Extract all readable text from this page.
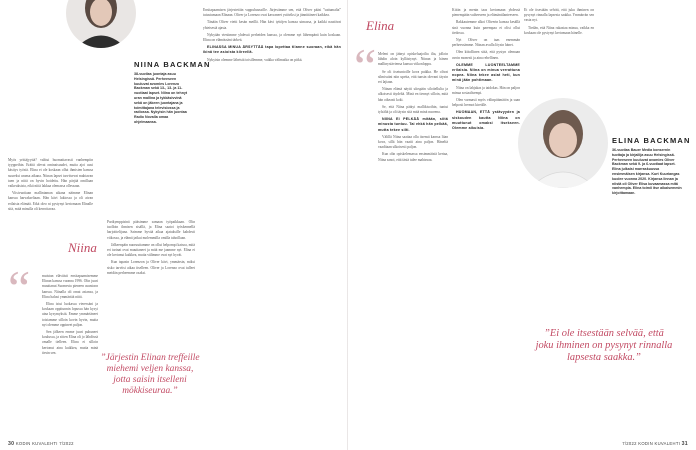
NIINA BACKMAN
38-vuotias juontaja asuu Helsingissä. Perheeseen kuuluvat avomies Lorenzo Backman sekä 13-, 13- ja 11-vuotiaat lapset. Niina on tehnyt uran mallina ja tykkäsivvinä sekä on jäkeen juontajana ja toimittajana televisiossa ja radiossa. Nykyisin hän juontaa Radio Novalla omaa ohjelmaansa.

Myös yrittäjyyttä? valttui huomattavasti vanhempiin tyyppeihin. Eräitä olevat ominaisuudet, mutta ajoi uusi käsitys työstä. Elina ei ole koskaan ollut ihmisten kanssa suureksi uransa aikana. Niinan lapset tarvitsevat mahtavan tuen ja niitä on hyvin hoidettu. Hän pärjää omillaan vaikeuksista, eikä niitä lakkaa olemassa ollessaan.

Viisivuotiaan mallintaman aikana näimme Elinan kanssa harvakseltaan. Hän kävi lukiossa ja oli aivan erilaista elämää. Etkä oleo ni pystynyt kertomaan Elinalle sitä, mitä minulla oli kerrottavaa.

Niina
“	muistan eläväisti ensitapaamisemme Elinan kanssa vuonna 1996. Olin juuri muuttanut Suomesta pieneen asuntoon kanssa. Niinalla oli omat asiansa, ja Elina halusi ymmärtää niitä.

Elina istui luokassa vieressäni ja koskaan oppitunnin lopussa hän kysyi aina kysymyksiä. Emme ymmärtäneet toisiamme silloin kovin hyvin, mutta nyt olemme oppineet paljon.

Sen jälkeen emme juuri puhuneet koulussa, ja sitten Elina oli jo lähdössä omalle tielleen. Elina ei silloin kertonut aina kaikkea, mutta minä tiesin sen.

Parikymppisinä pääsimme samaan työpaikkaan. Olin tuolloin ihmisen sisällä, ja Elina saatoi työskennellä harjoittelijana. Saimme hyvää aikaa ajatuksille kahdesti viikossa, ja elämä jatkui molemmilla omilla tahoillaan.

Jälkeenpäin nuoruuttamme on ollut helpompi katsoa, mitä eri tarinat ovat muuttaneet ja mitä me jaamme nyt. Elina ei ole kertonut kaikkea, mutta välimme ovat nyt hyvät.

Kun tapasin Lorenzon ja Oliver kävi, ymmärsin, miksi sisko tarvitsi aikaa itselleen. Oliver ja Lorenzo ovat tulleet meidän perheemme osaksi.

”Järjestin Elinan treffeille miehemi veljen kanssa, jotta saisin itselleni mökkiseuraa.”

Ensitapaamisen järjestettiin vappuhuussille. Järjestimme sen, että Oliver pääsi ”sattumalta” tutustumaan Elinaan. Oliver ja Lorenzo ovat kasvaneet ystäviksi ja jännittäneet kaikkea.

Tänään Oliver vietti kesän meillä. Hän kävi tyttöjen kanssa uimassa, ja kaikki nauttivat yhteisestä ajasta.

Nykyään viestimme yhdessä perheiden kanssa, ja olemme nyt lähempänä kuin koskaan. Elina on elämässäni tärkeä.

ELINASSA MINUA ÄRSYTTÄÄ tapa lopettaa tilanne suoraan, eikä hän ikinä tee asioista kiireellä.

Nykyisin olemme läheisiä toisillemme, vaikka välimatka on pitkä.

30 KODIN KUVALEHTI 7/2022
Elina
“ Meleni on jäänyt opiskeluajoilta ilta, jolloin lähdin aloin kyllästynyt. Niinan ja hänen mallinystäviensa kanssa viikonloppu.

Se oli itsetuntoille kova paikka. He olivat silmissäni niin upeita, että tunsin olevani täysin eri lajiaan.

Niinan elämä näytti ulospäin siloitellulta ja ulkoisesti täydeltä. Minä en tiennyt silloin, mitä hän oikeasti koki.

Se, että Niina päätyi mallikisoihin, tuntui tylsältä ja oli täysin sitä mitä minä nuorena.

NIINA EI PELKÄÄ mitään, siitä minusta tuntuu. Tai ehkä hän pelkää, mutta tekee silti.

Välillä Niina saattaa olla itsensä kanssa liian kova, sillä hän vaatii aina paljon. Häneltä vaaditaan ulkoisesti paljon.

Kun olin opiskelemassa ensimmäistä kertaa, Niina sanoi, että tästä tulee mahtavaa.

Kiitin ja menin taas kertomaan yhdessä pienempään vaiheeseen ja elämäntilanteeseen.

Rakkautemme alkoi Oliverin kanssa kesällä sinä vuonna kuin parempaa ei olisi ollut tiedossa.

Nyt Oliver on taas enemmän perheessämme. Niinan avulla löysin hänet.

Olen kiitollinen siitä, että pystyn olemaan avoin monesti ja aina rehellinen.

OLEMME LUONTEELTAMME erilaisia. Niina on minua verrattuna nopea. Niina tekee asiat heti, kun minä jään pohtimaan.

Niina on lahjakas ja taidokas. Hän on paljon minua sosiaalisempi.

Olen varmasti myös välinpitämätön ja saan helposti hermot kireälle.

HUOMAAN, ETTÄ ystävyyden ja siskouden kautta Niina on muuttunut omaksi itsekseen. Olemme aikuisia.

Et ole itsestään selvää, että juku ihminen on pysynyt rinnalla lapsesta saakka. Ymmärrän sen vasta nyt.

Tiedän, että Niina rakastaa minua, vaikka en koskaan ole pystynyt kertomaan hänelle.

ELINA BACKMAN
36-vuotias Bauer Media konsernin tuottaja ja kirjailija asuu Helsingissä. Perheeseen kuuluvat avomies Oliver Backman sekä 9- ja 6-vuotiaat lapset. Elina julkaisi marraskuussa ensimmäisen kirjansa. Kurt Kuuriangas kuolee vuonna 2020. Kirjansa linnan ja niistä oli Oliver Elisa kuvaamassa mitä vanhempia. Elina toimii itse aikaisemmin kirjoittamaan.
”Ei ole itsestään selvää, että joku ihminen on pysynyt rinnalla lapsesta saakka.”
7/2022 KODIN KUVALEHTI 31
